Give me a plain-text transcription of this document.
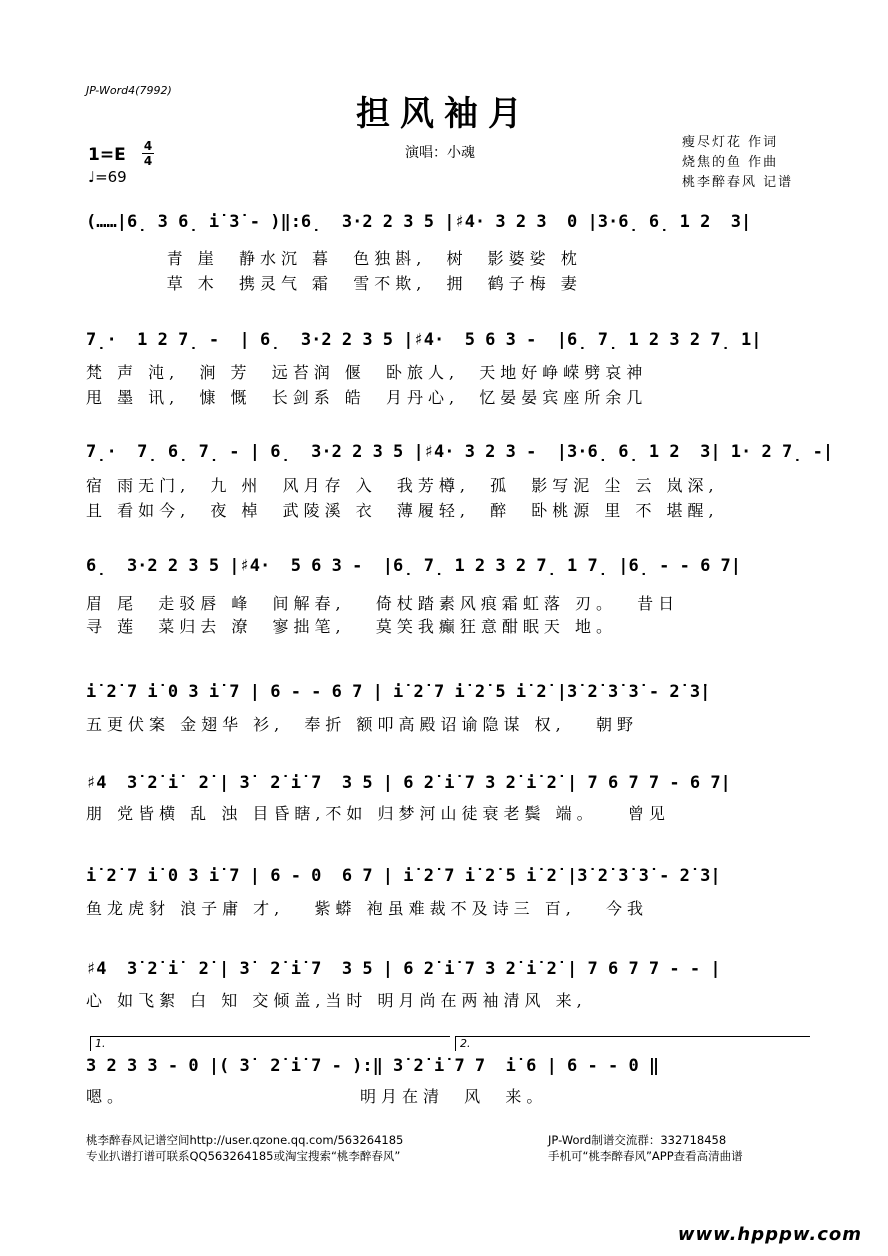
JP-Word4(7992)
担风袖月
1=E 4
4
♩=69
演唱：小魂
瘦尽灯花 作词
烧焦的鱼 作曲
桃李醉春风 记谱
(……|6̣ 3 6̣ i̇ 3̇ - )‖:6̣  3·2 2 3 5 |♯4· 3 2 3  0 |3·6̣ 6̣ 1 2  3|
青 崖  静水沉 暮  色独斟,  树  影婆娑 枕
草 木  携灵气 霜  雪不欺,  拥  鹤子梅 妻
7̣·  1 2 7̣ -  | 6̣  3·2 2 3 5 |♯4·  5 6 3 -  |6̣ 7̣ 1 2 3 2 7̣ 1|
梵 声 沌,  涧 芳  远苔润 偃  卧旅人,  天地好峥嵘劈哀神
甩 墨 讯,  慷 慨  长剑系 皓  月丹心,  忆晏晏宾座所余几
7̣·  7̣ 6̣ 7̣ - | 6̣  3·2 2 3 5 |♯4· 3 2 3 -  |3·6̣ 6̣ 1 2  3| 1· 2 7̣ -|
宿 雨无门,  九 州  风月存 入  我芳樽,  孤  影写泥 尘 云 岚深,
且 看如今,  夜 棹  武陵溪 衣  薄履轻,  醉  卧桃源 里 不 堪醒,
6̣  3·2 2 3 5 |♯4·  5 6 3 -  |6̣ 7̣ 1 2 3 2 7̣ 1 7̣ |6̣ - - 6 7|
眉 尾  走驳唇 峰  间解春,   倚杖踏素风痕霜虹落 刃。  昔日
寻 莲  菜归去 潦  寥拙笔,   莫笑我癫狂意酣眠天 地。
i̇ 2̇ 7 i̇ 0 3 i̇ 7 | 6 - - 6 7 | i̇ 2̇ 7 i̇ 2̇ 5 i̇ 2̇ |3̇ 2̇ 3̇ 3̇ - 2̇ 3̇|
五更伏案 金翅华 衫,  奉折 额叩高殿诏谕隐谋 权,   朝野
♯4  3̇ 2̇ i̇  2̇ | 3̇  2̇ i̇ 7  3 5 | 6 2̇ i̇ 7 3 2̇ i̇ 2̇ | 7 6 7 7 - 6 7|
朋 党皆横 乱 浊 目昏瞎,不如 归梦河山徒衰老鬓 端。   曾见
i̇ 2̇ 7 i̇ 0 3 i̇ 7 | 6 - 0  6 7 | i̇ 2̇ 7 i̇ 2̇ 5 i̇ 2̇ |3̇ 2̇ 3̇ 3̇ - 2̇ 3̇|
鱼龙虎豺 浪子庸 才,   紫蟒 袍虽难裁不及诗三 百,   今我
♯4  3̇ 2̇ i̇  2̇ | 3̇  2̇ i̇ 7  3 5 | 6 2̇ i̇ 7 3 2̇ i̇ 2̇ | 7 6 7 7 - - |
心 如飞絮 白 知 交倾盖,当时 明月尚在两袖清风 来,
1.	2.
3 2 3 3 - 0 |( 3̇  2̇ i̇ 7 - ):‖ 3̇ 2̇ i̇ 7 7  i̇ 6 | 6 - - 0 ‖
嗯。                       明月在清  风  来。
桃李醉春风记谱空间http://user.qzone.qq.com/563264185
专业扒谱打谱可联系QQ563264185或淘宝搜索“桃李醉春风”
JP-Word制谱交流群：332718458
手机可“桃李醉春风”APP查看高清曲谱
www.hpppw.com
